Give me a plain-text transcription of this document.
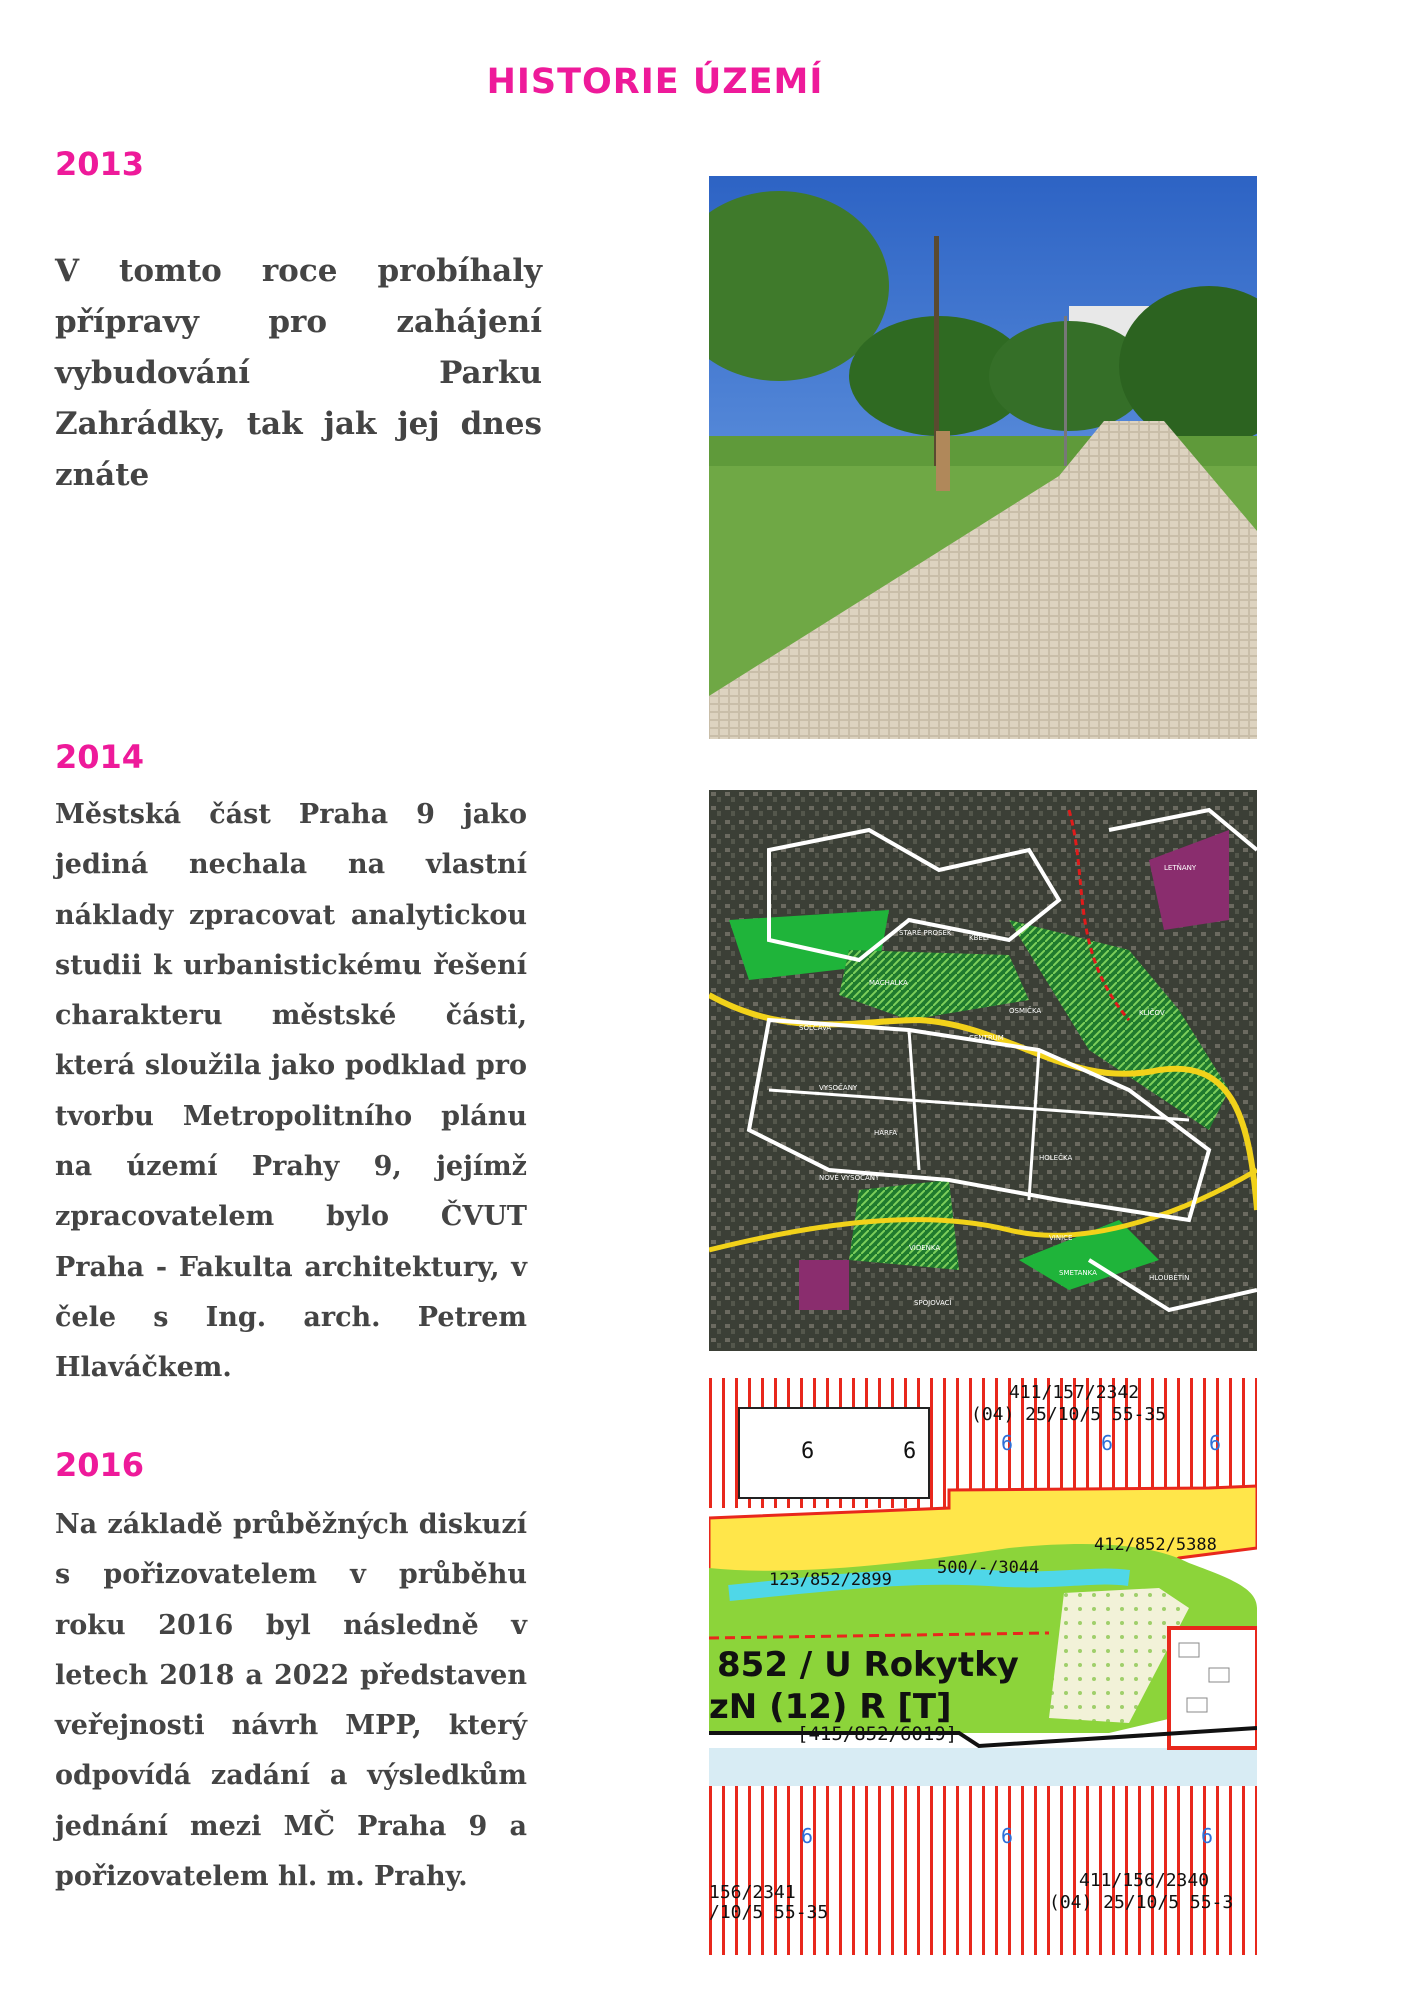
HISTORIE ÚZEMÍ
2013

V tomto roce probíhaly přípravy pro zahájení vybudování Parku Zahrádky, tak jak jej dnes znáte

2014

Městská část Praha 9 jako jediná nechala na vlastní náklady zpracovat analytickou studii k urbanistickému řešení charakteru městské části, která sloužila jako podklad pro tvorbu Metropolitního plánu na území Prahy 9, jejímž zpracovatelem bylo ČVUT Praha - Fakulta architektury, v čele s Ing. arch. Petrem Hlaváčkem.

LETŇANY
STARÉ PROSEK
KBELY
KLÍČOV
CENTRUM
HARFA
VYSOČANY
VINICE
SMETANKA
VÍDEŇKA
SPOJOVACÍ
HLOUBĚTÍN
NOVÉ VYSOČANY
MÁCHALKA
HOLEČKA
OSMIČKA
SOLČAVA
2016

Na základě průběžných diskuzí s pořizovatelem v průběhu roku 2016 byl následně v letech 2018 a 2022 představen veřejnosti návrh MPP, který odpovídá zadání a výsledkům jednání mezi MČ Praha 9 a pořizovatelem hl. m. Prahy.

852 / U Rokytky
zN (12) R [T]
[415/852/6019]
123/852/2899
500/-/3044
412/852/5388
411/157/2342
(04) 25/10/5 55-35
156/2341
/10/5 55-35
411/156/2340
(04) 25/10/5 55-3
6	6	6	6	6
6	6	6
